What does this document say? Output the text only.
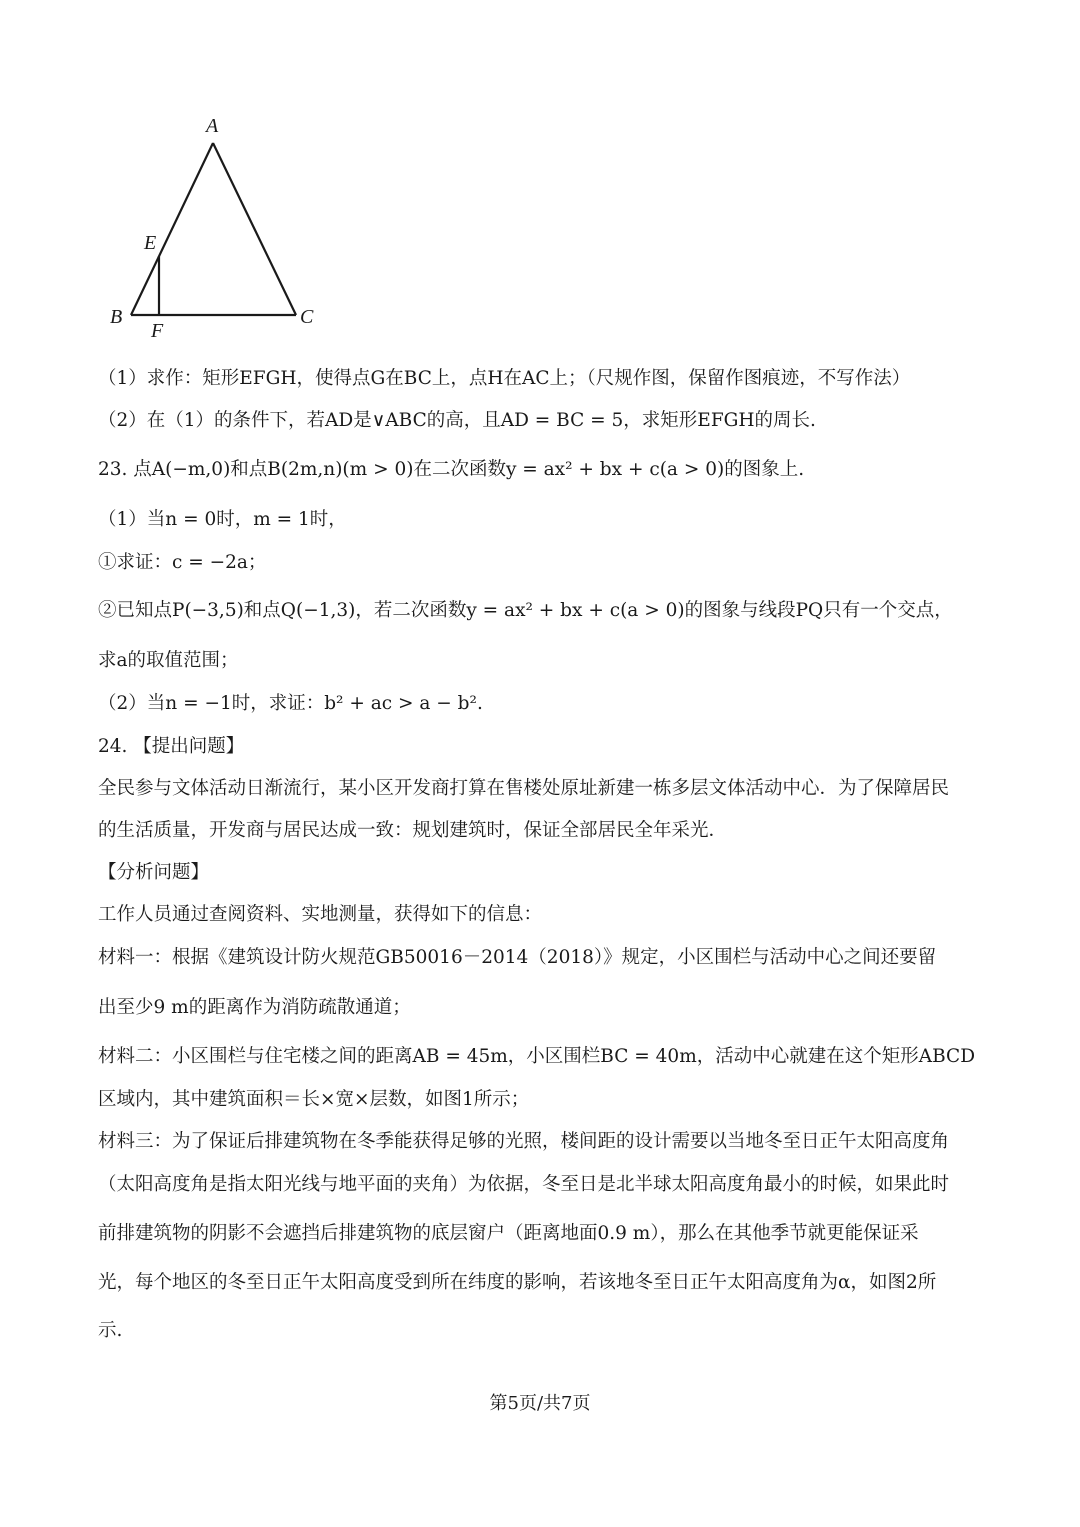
A
E
B
F
C
（1）求作：矩形EFGH，使得点G在BC上，点H在AC上；（尺规作图，保留作图痕迹，不写作法）
（2）在（1）的条件下，若AD是∨ABC的高，且AD = BC = 5，求矩形EFGH的周长.
23. 点A(−m,0)和点B(2m,n)(m > 0)在二次函数y = ax² + bx + c(a > 0)的图象上.
（1）当n = 0时，m = 1时，
①求证：c = −2a；
②已知点P(−3,5)和点Q(−1,3)，若二次函数y = ax² + bx + c(a > 0)的图象与线段PQ只有一个交点，
求a的取值范围；
（2）当n = −1时，求证：b² + ac > a − b².
24. 【提出问题】
全民参与文体活动日渐流行，某小区开发商打算在售楼处原址新建一栋多层文体活动中心．为了保障居民
的生活质量，开发商与居民达成一致：规划建筑时，保证全部居民全年采光．
【分析问题】
工作人员通过查阅资料、实地测量，获得如下的信息：
材料一：根据《建筑设计防火规范GB50016－2014（2018）》规定，小区围栏与活动中心之间还要留
出至少9 m的距离作为消防疏散通道；
材料二：小区围栏与住宅楼之间的距离AB = 45m，小区围栏BC = 40m，活动中心就建在这个矩形ABCD
区域内，其中建筑面积＝长×宽×层数，如图1所示；
材料三：为了保证后排建筑物在冬季能获得足够的光照，楼间距的设计需要以当地冬至日正午太阳高度角
（太阳高度角是指太阳光线与地平面的夹角）为依据，冬至日是北半球太阳高度角最小的时候，如果此时
前排建筑物的阴影不会遮挡后排建筑物的底层窗户（距离地面0.9 m），那么在其他季节就更能保证采
光，每个地区的冬至日正午太阳高度受到所在纬度的影响，若该地冬至日正午太阳高度角为α，如图2所
示.
第5页/共7页
